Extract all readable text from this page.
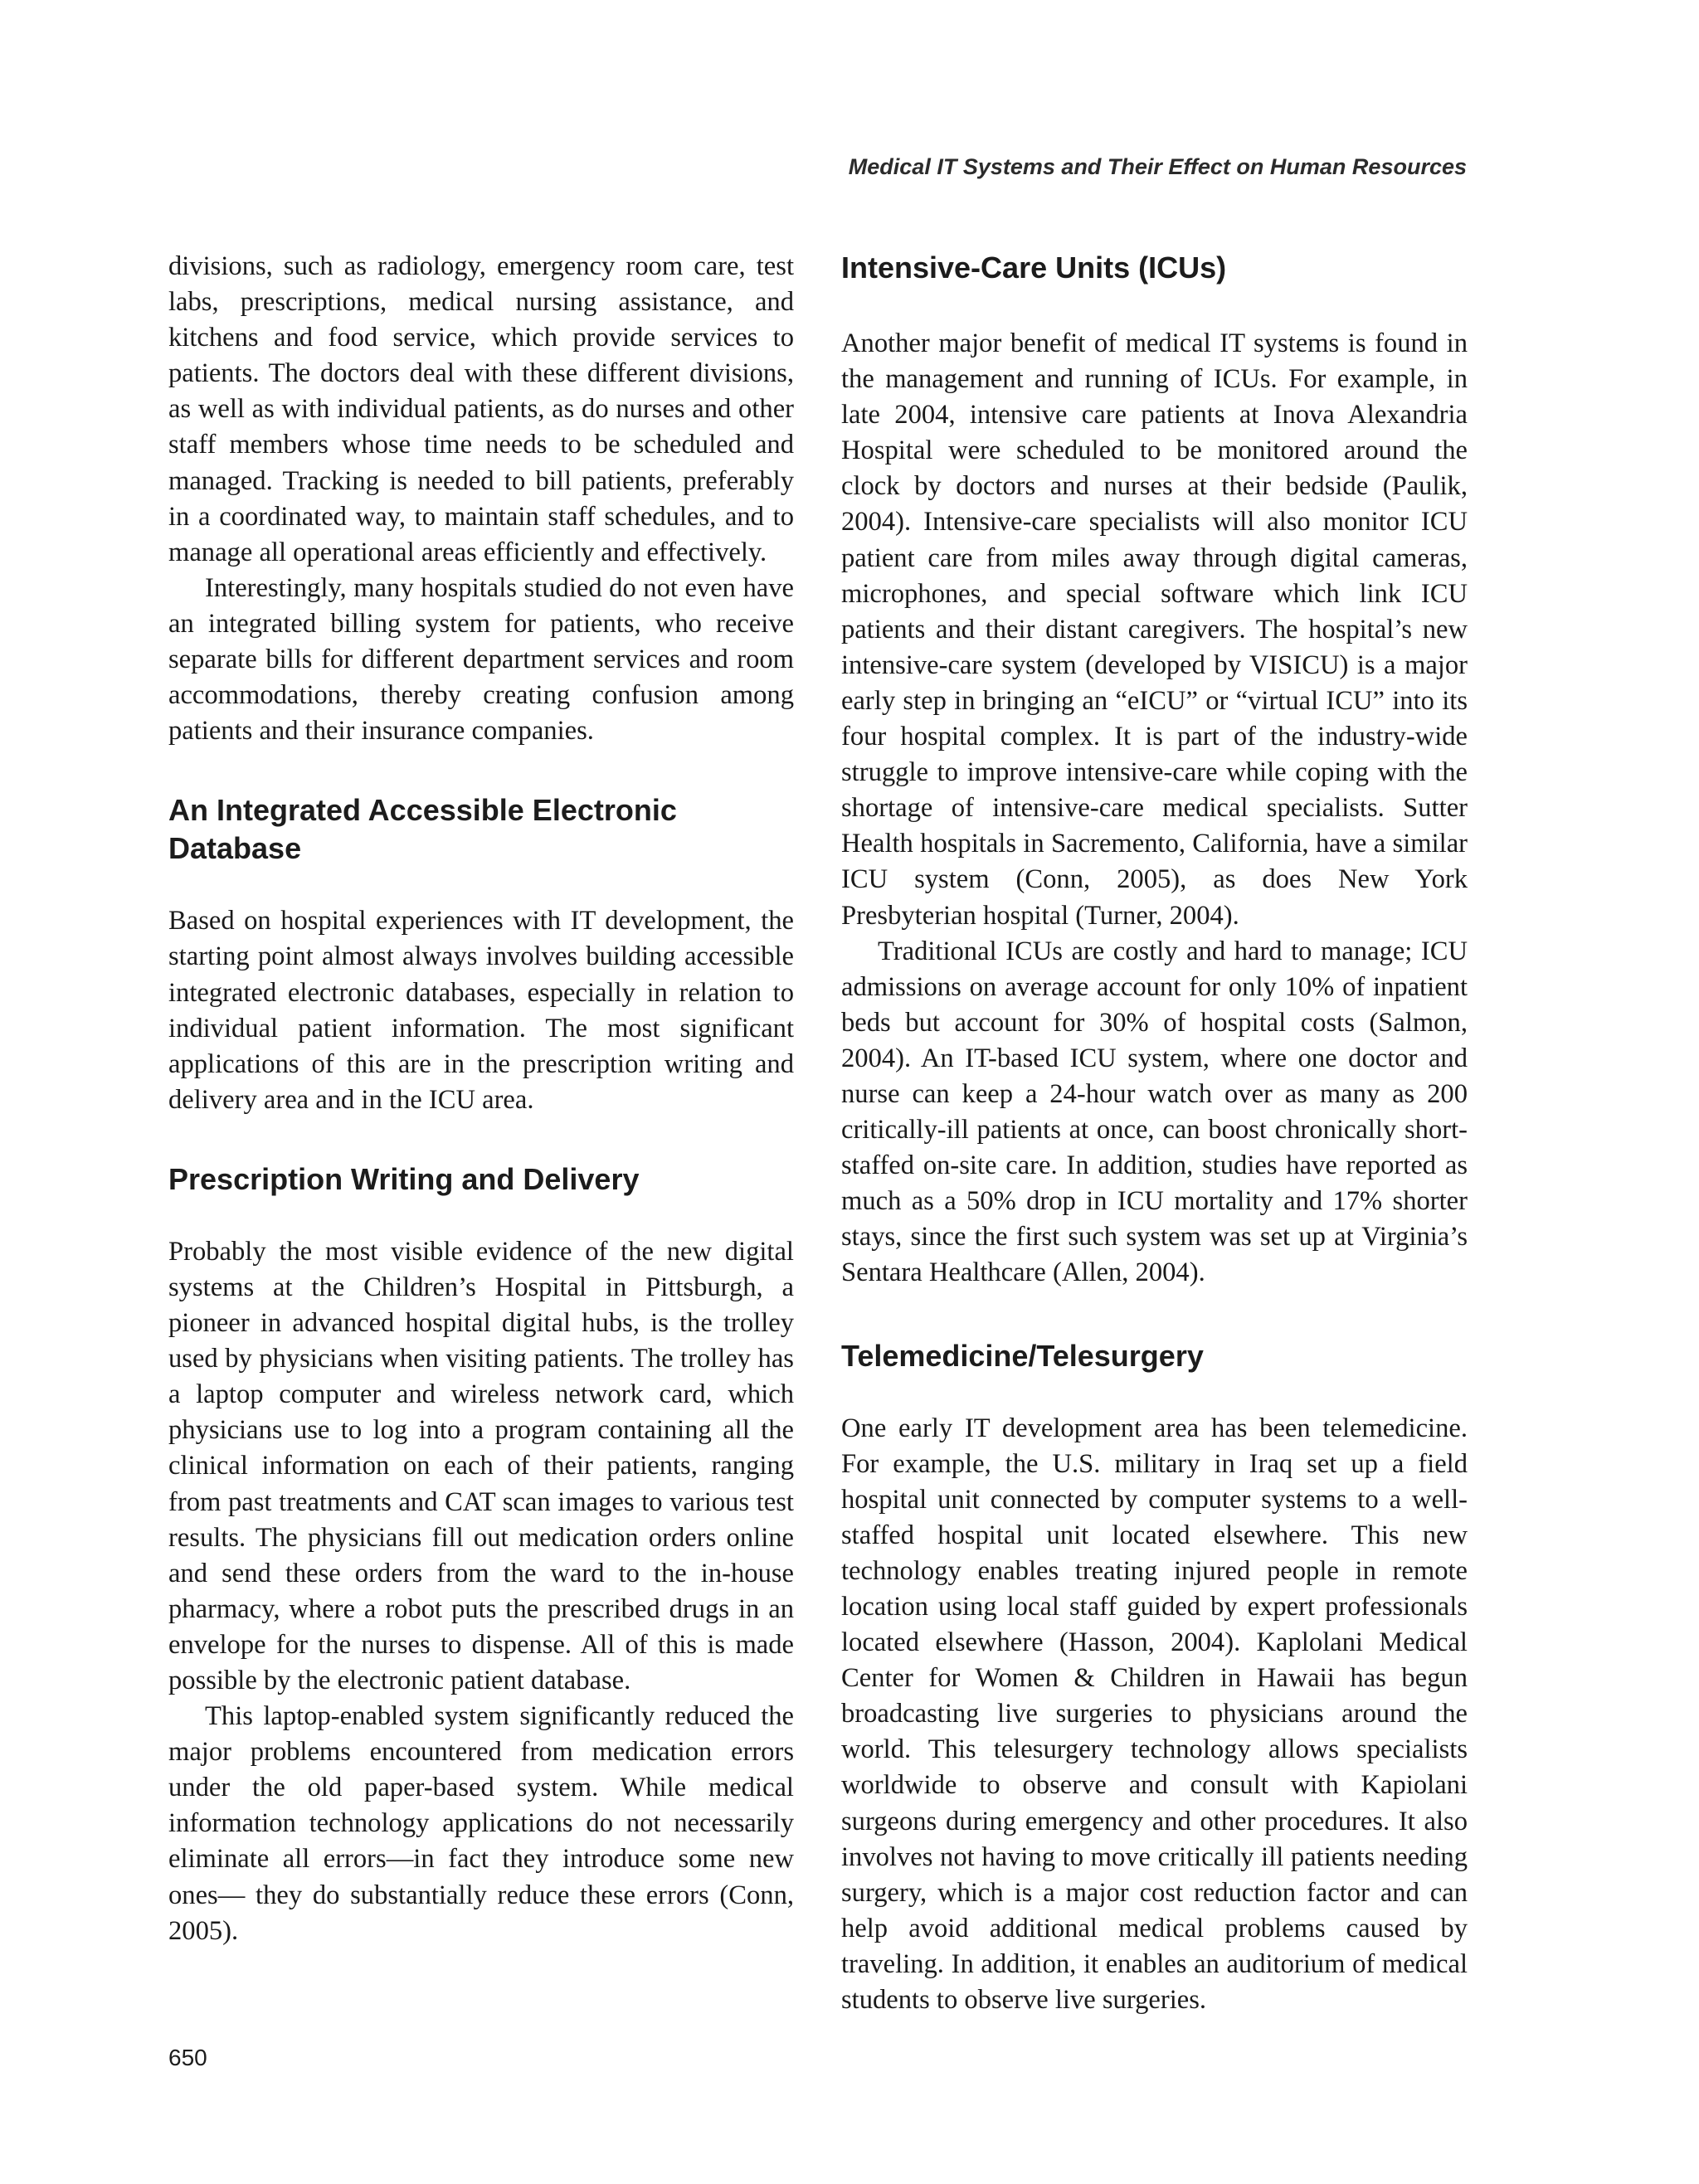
Medical IT Systems and Their Effect on Human Resources

divisions, such as radiology, emergency room care, test labs, prescriptions, medical nursing assistance, and kitchens and food service, which provide services to patients. The doctors deal with these different divisions, as well as with individual patients, as do nurses and other staff members whose time needs to be scheduled and managed. Tracking is needed to bill patients, preferably in a coordinated way, to maintain staff schedules, and to manage all operational areas efficiently and effectively.

Interestingly, many hospitals studied do not even have an integrated billing system for patients, who receive separate bills for different department services and room accommodations, thereby creating confusion among patients and their insurance companies.

An Integrated Accessible Electronic Database

Based on hospital experiences with IT development, the starting point almost always involves building accessible integrated electronic databases, especially in relation to individual patient information. The most significant applications of this are in the prescription writing and delivery area and in the ICU area.

Prescription Writing and Delivery

Probably the most visible evidence of the new digital systems at the Children’s Hospital in Pittsburgh, a pioneer in advanced hospital digital hubs, is the trolley used by physicians when visiting patients. The trolley has a laptop computer and wireless network card, which physicians use to log into a program containing all the clinical information on each of their patients, ranging from past treatments and CAT scan images to various test results. The physicians fill out medication orders online and send these orders from the ward to the in-house pharmacy, where a robot puts the prescribed drugs in an envelope for the nurses to dispense. All of this is made possible by the electronic patient database.

This laptop-enabled system significantly reduced the major problems encountered from medication errors under the old paper-based system. While medical information technology applications do not necessarily eliminate all errors—in fact they introduce some new ones— they do substantially reduce these errors (Conn, 2005).

Intensive-Care Units (ICUs)

Another major benefit of medical IT systems is found in the management and running of ICUs. For example, in late 2004, intensive care patients at Inova Alexandria Hospital were scheduled to be monitored around the clock by doctors and nurses at their bedside (Paulik, 2004). Intensive-care specialists will also monitor ICU patient care from miles away through digital cameras, microphones, and special software which link ICU patients and their distant caregivers. The hospital’s new intensive-care system (developed by VISICU) is a major early step in bringing an “eICU” or “virtual ICU” into its four hospital complex. It is part of the industry-wide struggle to improve intensive-care while coping with the shortage of intensive-care medical specialists. Sutter Health hospitals in Sacremento, California, have a similar ICU system (Conn, 2005), as does New York Presbyterian hospital (Turner, 2004).

Traditional ICUs are costly and hard to manage; ICU admissions on average account for only 10% of inpatient beds but account for 30% of hospital costs (Salmon, 2004). An IT-based ICU system, where one doctor and nurse can keep a 24-hour watch over as many as 200 critically-ill patients at once, can boost chronically short-staffed on-site care. In addition, studies have reported as much as a 50% drop in ICU mortality and 17% shorter stays, since the first such system was set up at Virginia’s Sentara Healthcare (Allen, 2004).

Telemedicine/Telesurgery

One early IT development area has been telemedicine. For example, the U.S. military in Iraq set up a field hospital unit connected by computer systems to a well-staffed hospital unit located elsewhere. This new technology enables treating injured people in remote location using local staff guided by expert professionals located elsewhere (Hasson, 2004). Kaplolani Medical Center for Women & Children in Hawaii has begun broadcasting live surgeries to physicians around the world. This telesurgery technology allows specialists worldwide to observe and consult with Kapiolani surgeons during emergency and other procedures. It also involves not having to move critically ill patients needing surgery, which is a major cost reduction factor and can help avoid additional medical problems caused by traveling. In addition, it enables an auditorium of medical students to observe live surgeries.

650
